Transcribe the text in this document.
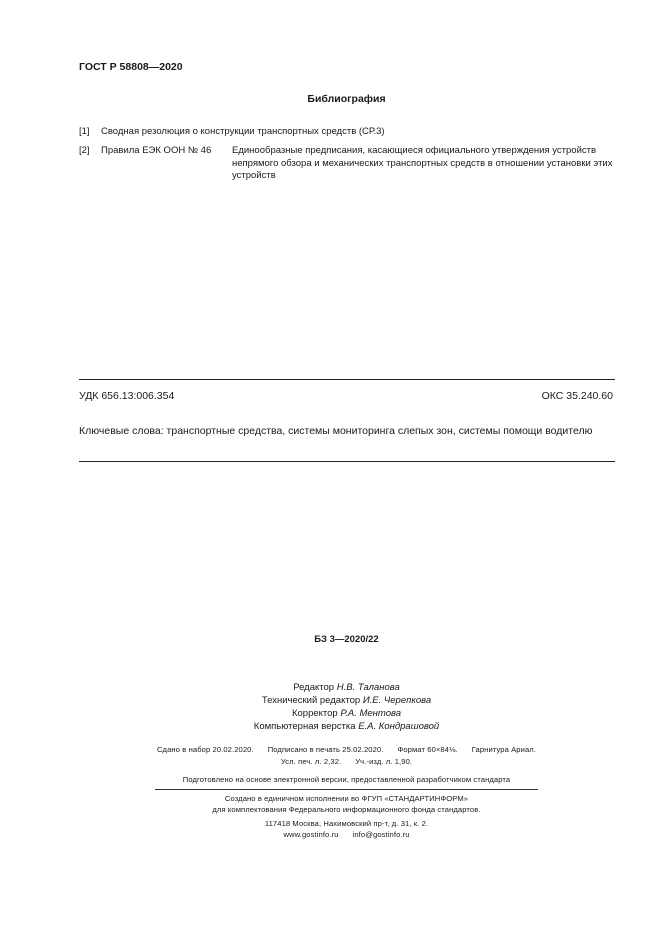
ГОСТ Р 58808—2020
Библиография
[1] Сводная резолюция о конструкции транспортных средств (СР.3)
[2] Правила ЕЭК ООН № 46 Единообразные предписания, касающиеся официального утверждения устройств непрямого обзора и механических транспортных средств в отношении установки этих устройств
УДК 656.13:006.354	ОКС 35.240.60
Ключевые слова: транспортные средства, системы мониторинга слепых зон, системы помощи водителю
БЗ 3—2020/22
Редактор Н.В. Таланова
Технический редактор И.Е. Черепкова
Корректор Р.А. Ментова
Компьютерная верстка Е.А. Кондрашовой
Сдано в набор 20.02.2020. Подписано в печать 25.02.2020. Формат 60×84⅛. Гарнитура Ариал.
Усл. печ. л. 2,32. Уч.-изд. л. 1,90.
Подготовлено на основе электронной версии, предоставленной разработчиком стандарта
Создано в единичном исполнении во ФГУП «СТАНДАРТИНФОРМ»
для комплектования Федерального информационного фонда стандартов.
117418 Москва, Нахимовский пр-т, д. 31, к. 2.
www.gostinfo.ru info@gostinfo.ru
